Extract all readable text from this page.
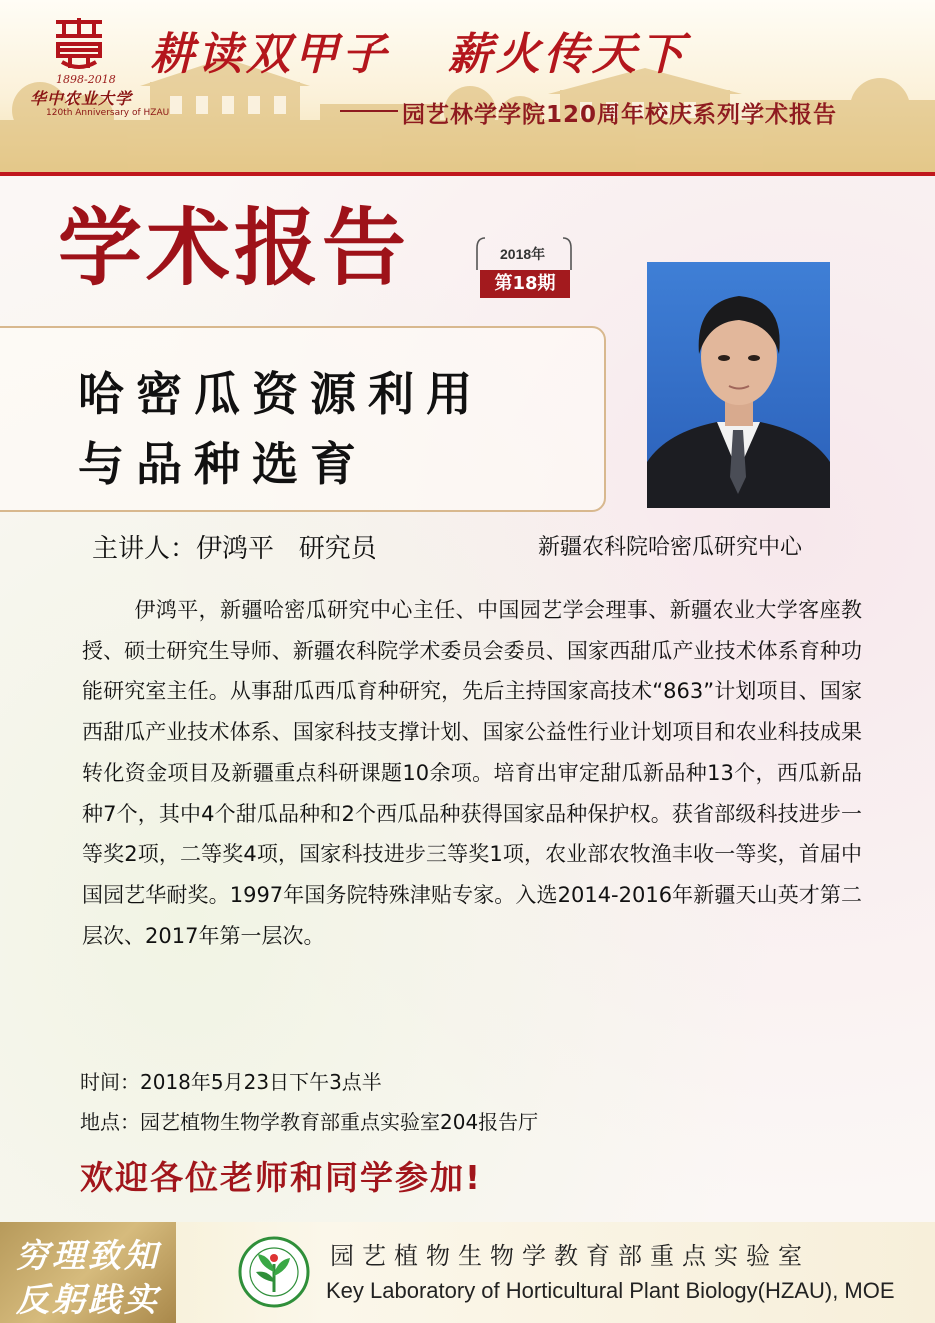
1898-2018
华中农业大学
120th Anniversary of HZAU
耕读双甲子   薪火传天下
园艺林学学院120周年校庆系列学术报告
学术报告	2018年
第18期
哈密瓜资源利用
与品种选育
主讲人：伊鸿平   研究员	新疆农科院哈密瓜研究中心

伊鸿平，新疆哈密瓜研究中心主任、中国园艺学会理事、新疆农业大学客座教授、硕士研究生导师、新疆农科院学术委员会委员、国家西甜瓜产业技术体系育种功能研究室主任。从事甜瓜西瓜育种研究，先后主持国家高技术“863”计划项目、国家西甜瓜产业技术体系、国家科技支撑计划、国家公益性行业计划项目和农业科技成果转化资金项目及新疆重点科研课题10余项。培育出审定甜瓜新品种13个，西瓜新品种7个，其中4个甜瓜品种和2个西瓜品种获得国家品种保护权。获省部级科技进步一等奖2项，二等奖4项，国家科技进步三等奖1项，农业部农牧渔丰收一等奖，首届中国园艺华耐奖。1997年国务院特殊津贴专家。入选2014-2016年新疆天山英才第二层次、2017年第一层次。

时间：2018年5月23日下午3点半
地点：园艺植物生物学教育部重点实验室204报告厅
欢迎各位老师和同学参加!
穷理致知
反躬践实
园艺植物生物学教育部重点实验室
Key Laboratory of Horticultural Plant Biology(HZAU), MOE
